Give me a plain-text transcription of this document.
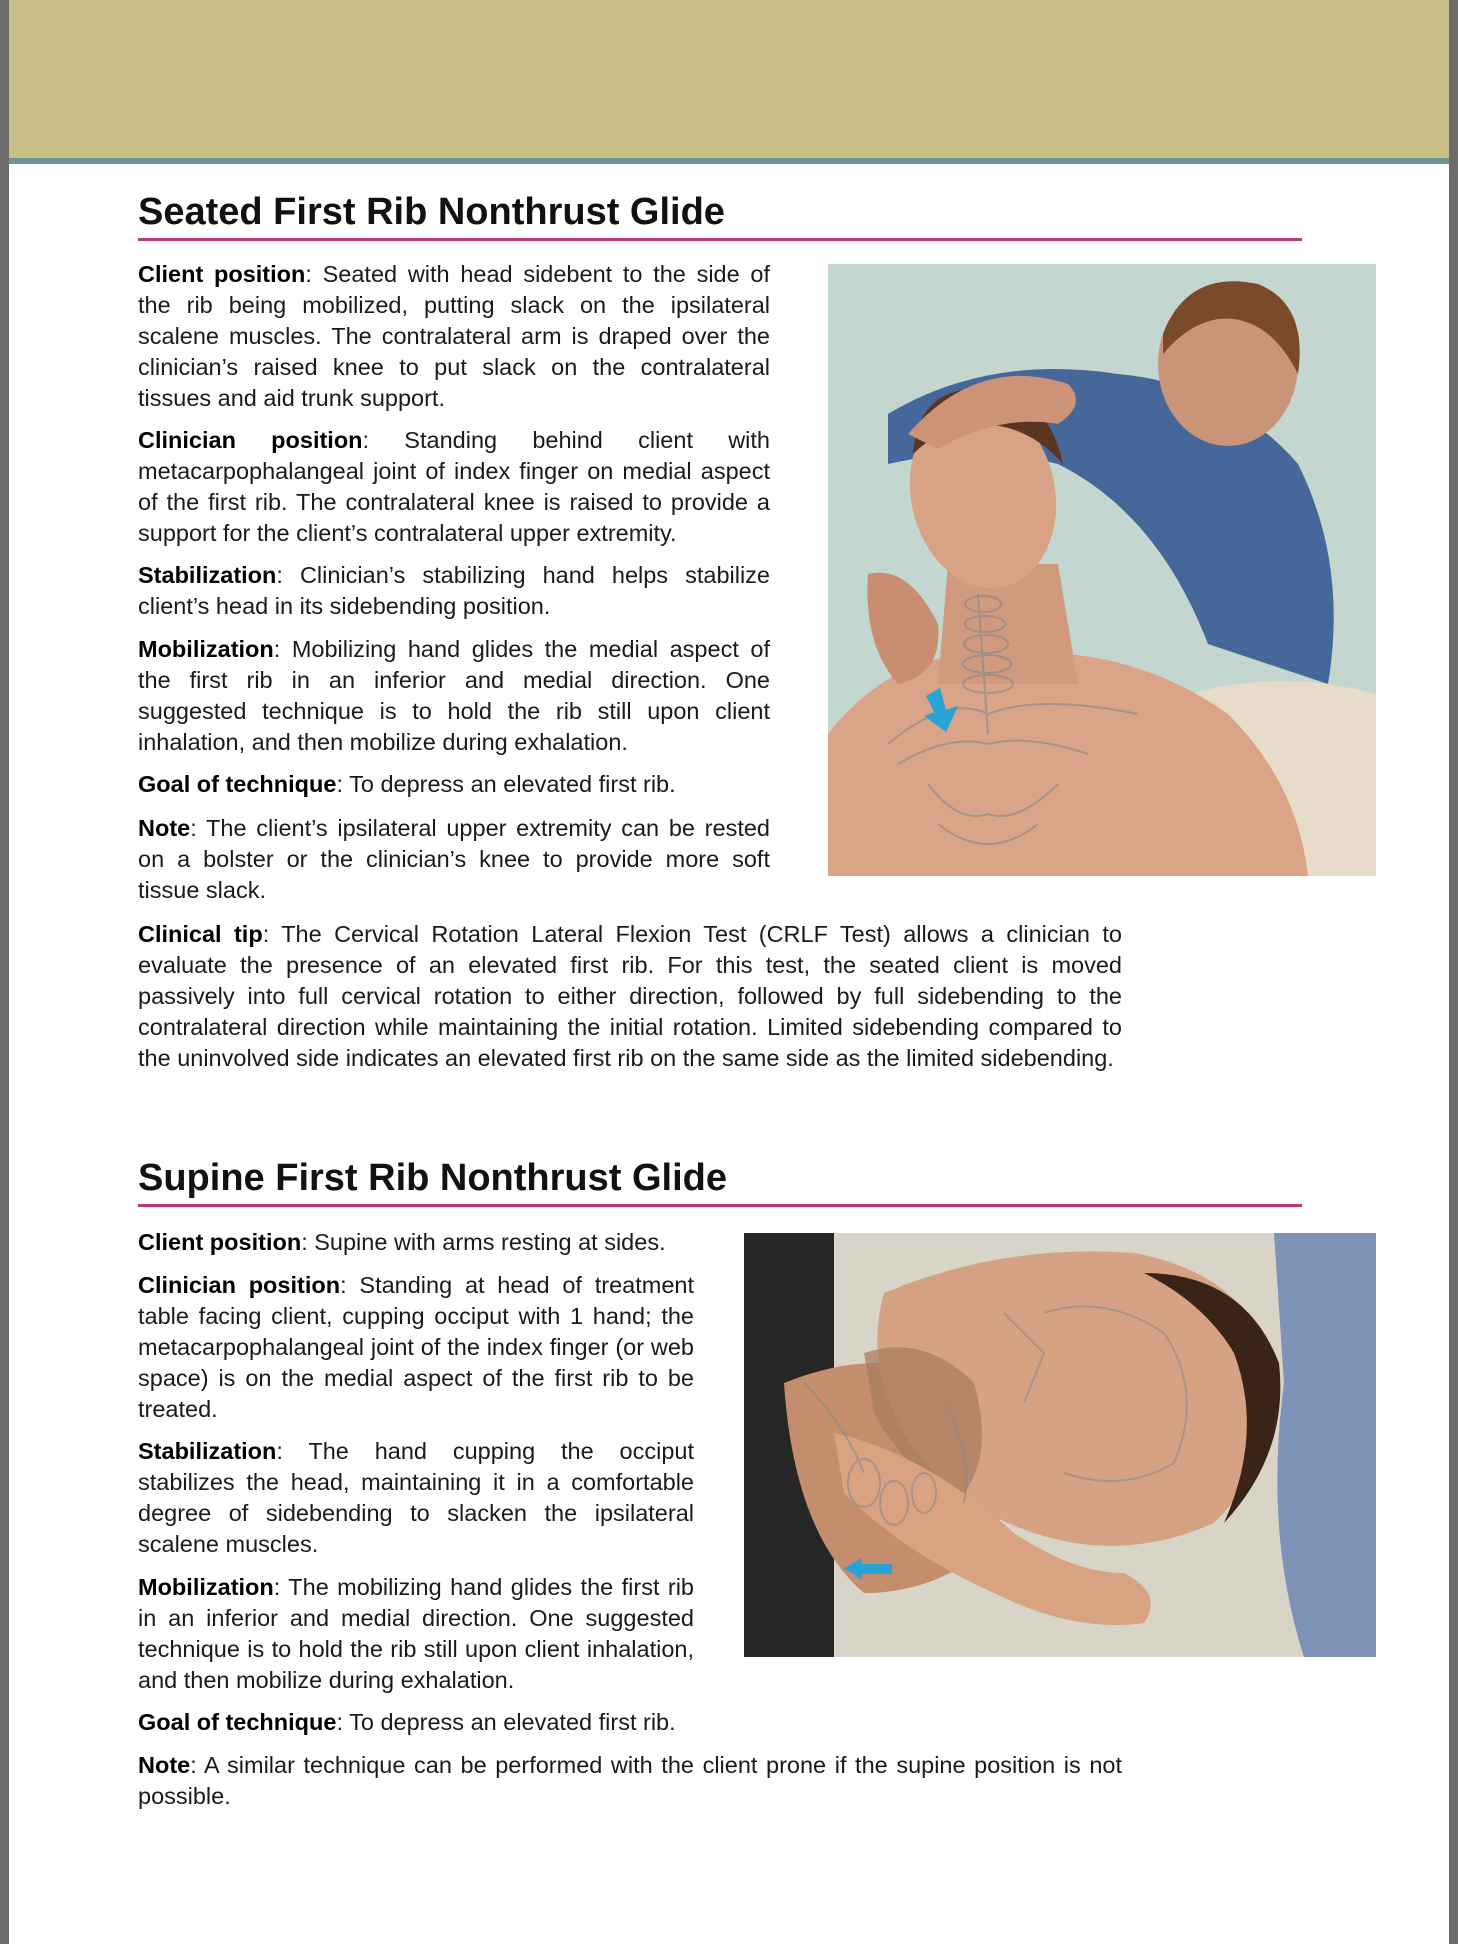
Seated First Rib Nonthrust Glide

Client position: Seated with head sidebent to the side of the rib being mobilized, putting slack on the ipsilateral scalene muscles. The contralateral arm is draped over the clinician’s raised knee to put slack on the contralateral tissues and aid trunk support.

Clinician position: Standing behind client with metacarpophalangeal joint of index finger on medial aspect of the first rib. The contralateral knee is raised to provide a support for the client’s contralateral upper extremity.

Stabilization: Clinician’s stabilizing hand helps stabilize client’s head in its sidebending position.

Mobilization: Mobilizing hand glides the medial aspect of the first rib in an inferior and medial direction. One suggested technique is to hold the rib still upon client inhalation, and then mobilize during exhalation.

Goal of technique: To depress an elevated first rib.

Note: The client’s ipsilateral upper extremity can be rested on a bolster or the clinician’s knee to provide more soft tissue slack.

Clinical tip: The Cervical Rotation Lateral Flexion Test (CRLF Test) allows a clinician to evaluate the presence of an elevated first rib. For this test, the seated client is moved passively into full cervical rotation to either direction, followed by full sidebending to the contralateral direction while maintaining the initial rotation. Limited sidebending compared to the uninvolved side indicates an elevated first rib on the same side as the limited sidebending.

Supine First Rib Nonthrust Glide

Client position: Supine with arms resting at sides.

Clinician position: Standing at head of treatment table facing client, cupping occiput with 1 hand; the metacarpophalangeal joint of the index finger (or web space) is on the medial aspect of the first rib to be treated.

Stabilization: The hand cupping the occiput stabilizes the head, maintaining it in a comfortable degree of sidebending to slacken the ipsilateral scalene muscles.

Mobilization: The mobilizing hand glides the first rib in an inferior and medial direction. One suggested technique is to hold the rib still upon client inhalation, and then mobilize during exhalation.

Goal of technique: To depress an elevated first rib.

Note: A similar technique can be performed with the client prone if the supine position is not possible.
